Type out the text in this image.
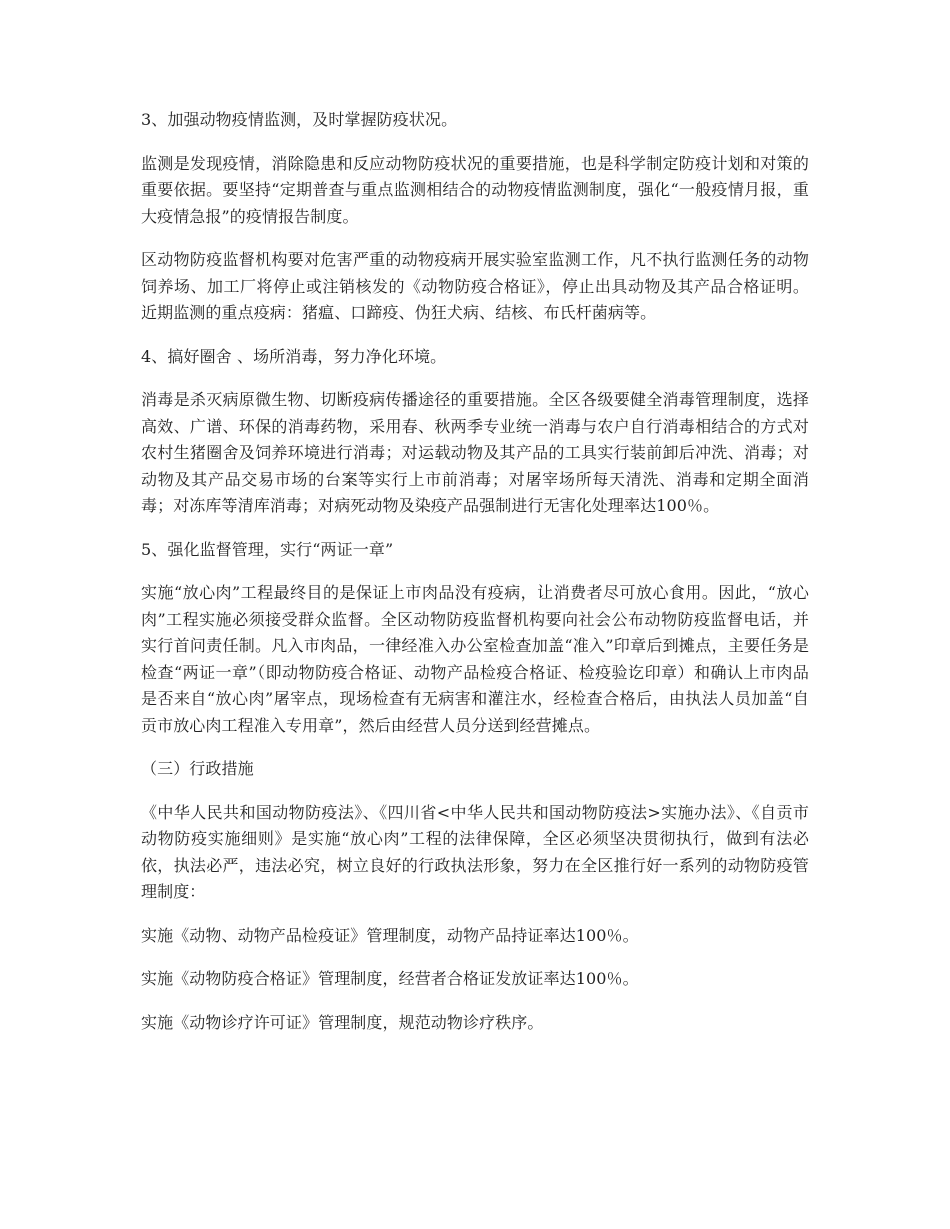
3、加强动物疫情监测，及时掌握防疫状况。

监测是发现疫情，消除隐患和反应动物防疫状况的重要措施，也是科学制定防疫计划和对策的重要依据。要坚持“定期普查与重点监测相结合的动物疫情监测制度，强化“一般疫情月报，重大疫情急报”的疫情报告制度。

区动物防疫监督机构要对危害严重的动物疫病开展实验室监测工作，凡不执行监测任务的动物饲养场、加工厂将停止或注销核发的《动物防疫合格证》，停止出具动物及其产品合格证明。近期监测的重点疫病：猪瘟、口蹄疫、伪狂犬病、结核、布氏杆菌病等。

4、搞好圈舍 、场所消毒，努力净化环境。

消毒是杀灭病原微生物、切断疫病传播途径的重要措施。全区各级要健全消毒管理制度，选择高效、广谱、环保的消毒药物，采用春、秋两季专业统一消毒与农户自行消毒相结合的方式对农村生猪圈舍及饲养环境进行消毒；对运载动物及其产品的工具实行装前卸后冲洗、消毒；对动物及其产品交易市场的台案等实行上市前消毒；对屠宰场所每天清洗、消毒和定期全面消毒；对冻库等清库消毒；对病死动物及染疫产品强制进行无害化处理率达100％。

5、强化监督管理，实行“两证一章”

实施“放心肉”工程最终目的是保证上市肉品没有疫病，让消费者尽可放心食用。因此，“放心肉”工程实施必须接受群众监督。全区动物防疫监督机构要向社会公布动物防疫监督电话，并实行首问责任制。凡入市肉品，一律经准入办公室检查加盖“准入”印章后到摊点，主要任务是检查“两证一章”（即动物防疫合格证、动物产品检疫合格证、检疫验讫印章）和确认上市肉品是否来自“放心肉”屠宰点，现场检查有无病害和灌注水，经检查合格后，由执法人员加盖“自贡市放心肉工程准入专用章”，然后由经营人员分送到经营摊点。

（三）行政措施

《中华人民共和国动物防疫法》、《四川省<中华人民共和国动物防疫法>实施办法》、《自贡市动物防疫实施细则》是实施“放心肉”工程的法律保障，全区必须坚决贯彻执行，做到有法必依，执法必严，违法必究，树立良好的行政执法形象，努力在全区推行好一系列的动物防疫管理制度：

实施《动物、动物产品检疫证》管理制度，动物产品持证率达100％。

实施《动物防疫合格证》管理制度，经营者合格证发放证率达100％。

实施《动物诊疗许可证》管理制度，规范动物诊疗秩序。
